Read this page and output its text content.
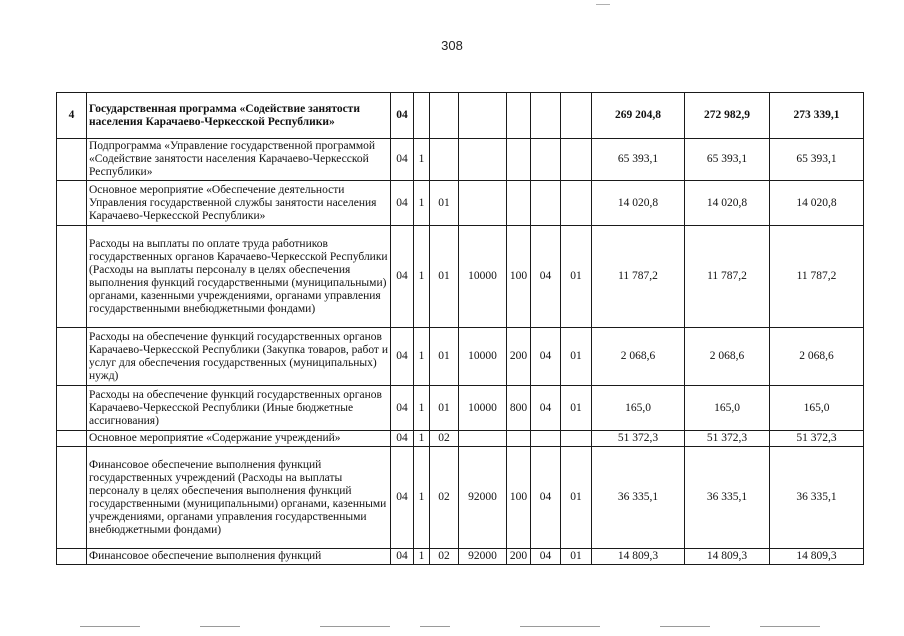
308
4	Государственная программа «Содействие занятости населения Карачаево-Черкесской Республики»	04							269 204,8	272 982,9	273 339,1
	Подпрограмма «Управление государственной программой «Содействие занятости населения Карачаево-Черкесской Республики»	04	1						65 393,1	65 393,1	65 393,1
	Основное мероприятие «Обеспечение деятельности Управления государственной службы занятости населения Карачаево-Черкесской Республики»	04	1	01					14 020,8	14 020,8	14 020,8
	Расходы на выплаты по оплате труда работников государственных органов Карачаево-Черкесской Республики (Расходы на выплаты персоналу в целях обеспечения выполнения функций государственными (муниципальными) органами, казенными учреждениями, органами управления государственными внебюджетными фондами)	04	1	01	10000	100	04	01	11 787,2	11 787,2	11 787,2
	Расходы на обеспечение функций государственных органов Карачаево-Черкесской Республики (Закупка товаров, работ и услуг для обеспечения государственных (муниципальных) нужд)	04	1	01	10000	200	04	01	2 068,6	2 068,6	2 068,6
	Расходы на обеспечение функций государственных органов Карачаево-Черкесской Республики (Иные бюджетные ассигнования)	04	1	01	10000	800	04	01	165,0	165,0	165,0
	Основное мероприятие «Содержание учреждений»	04	1	02					51 372,3	51 372,3	51 372,3
	Финансовое обеспечение выполнения функций государственных учреждений (Расходы на выплаты персоналу в целях обеспечения выполнения функций государственными (муниципальными) органами, казенными учреждениями, органами управления государственными внебюджетными фондами)	04	1	02	92000	100	04	01	36 335,1	36 335,1	36 335,1
	Финансовое обеспечение выполнения функций	04	1	02	92000	200	04	01	14 809,3	14 809,3	14 809,3
